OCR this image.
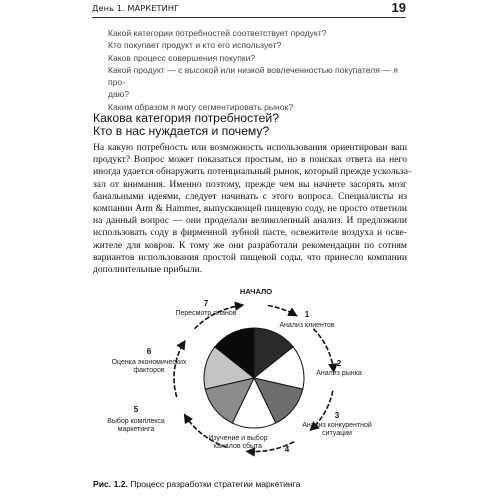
День 1. МАРКЕТИНГ	19
Какой категории потребностей соответствует продукт?
Кто покупает продукт и кто его использует?
Каков процесс совершения покупки?
Какой продукт — с высокой или низкой вовлеченностью покупателя — я про-
даю?
Каким образом я могу сегментировать рынок?
Какова категория потребностей?
Кто в нас нуждается и почему?
На какую потребность или возможность использования ориентирован ваш
продукт? Вопрос может показаться простым, но в поисках ответа на него
иногда удается обнаружить потенциальный рынок, который прежде ускольза-
зал от внимания. Именно поэтому, прежде чем вы начнете засорять мозг
банальными идеями, следует начинать с этого вопроса. Специалисты из
компании Arm & Hammer, выпускающей пищевую соду, не просто ответили
на данный вопрос — они проделали великолепный анализ. И предложили
использовать соду в фирменной зубной пасте, освежителе воздуха и осве-
жителе для ковров. К тому же они разработали рекомендации по сотням
вариантов использования простой пищевой соды, что принесло компании
дополнительные прибыли.
НАЧАЛО
1
Анализ клиентов
2
Анализ рынка
3
Анализ конкурентной
ситуации
Изучение и выбор
каналов сбыта	4
5
Выбор комплекса
маркетинга
6
Оценка экономических
факторов
7
Пересмотр планов
Рис. 1.2. Процесс разработки стратегии маркетинга
